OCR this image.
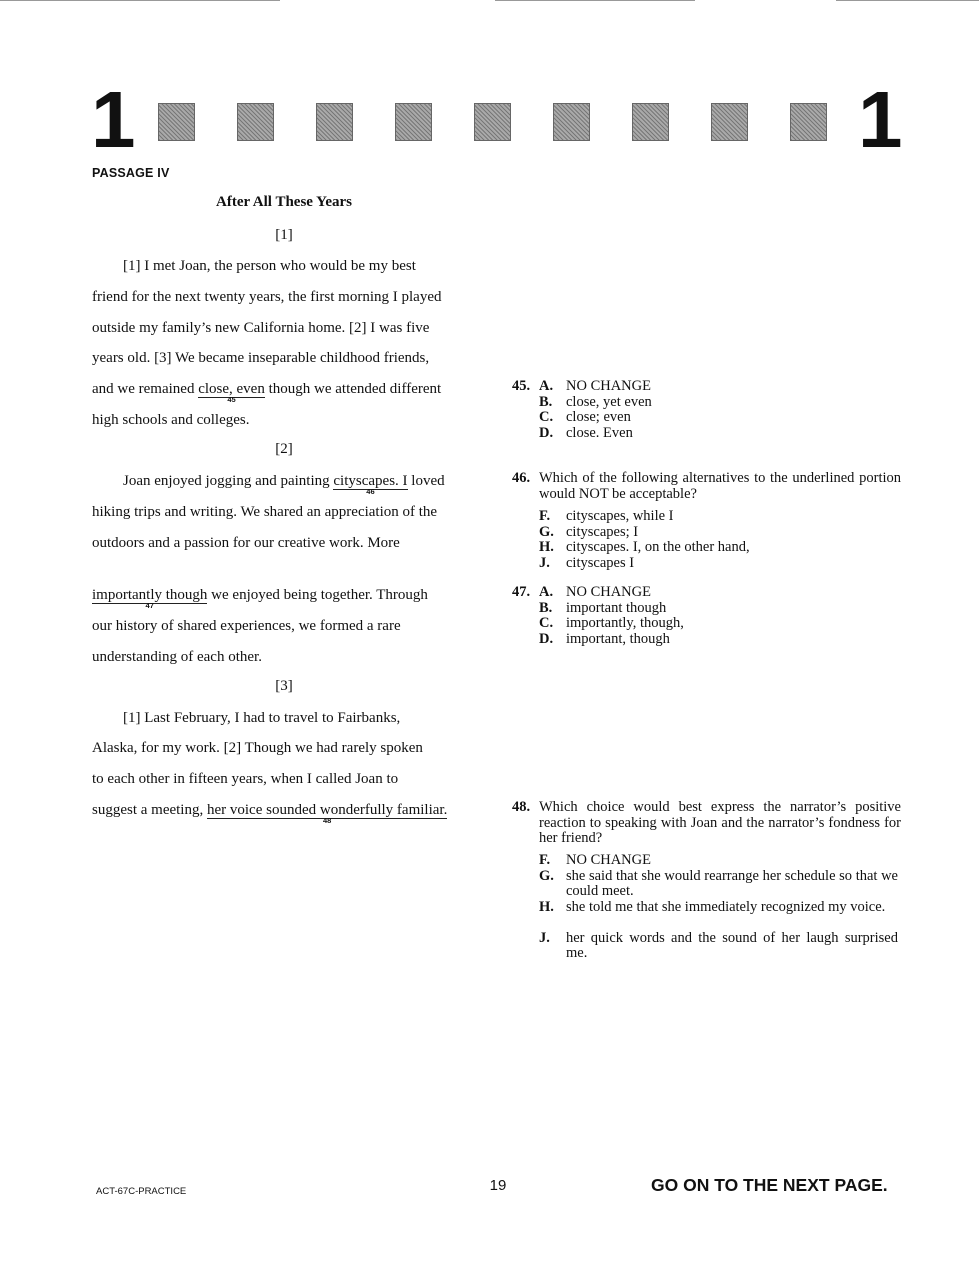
1	1
PASSAGE IV
After All These Years
[1]
[1] I met Joan, the person who would be my best
friend for the next twenty years, the first morning I played
outside my family’s new California home. [2] I was five
years old. [3] We became inseparable childhood friends,
and we remained close, even
45
though we attended different
high schools and colleges.
[2]
Joan enjoyed jogging and painting cityscapes. I
46
loved
hiking trips and writing. We shared an appreciation of the
outdoors and a passion for our creative work. More
importantly though
47
we enjoyed being together. Through
our history of shared experiences, we formed a rare
understanding of each other.
[3]
[1] Last February, I had to travel to Fairbanks,
Alaska, for my work. [2] Though we had rarely spoken
to each other in fifteen years, when I called Joan to
suggest a meeting, her voice sounded wonderfully familiar.
48
45. A. NO CHANGE
B. close, yet even
C. close; even
D. close. Even
46. Which of the following alternatives to the underlined portion would NOT be acceptable?
F. cityscapes, while I
G. cityscapes; I
H. cityscapes. I, on the other hand,
J. cityscapes I
47. A. NO CHANGE
B. important though
C. importantly, though,
D. important, though
48. Which choice would best express the narrator’s positive reaction to speaking with Joan and the narrator’s fondness for her friend?
F. NO CHANGE
G. she said that she would rearrange her schedule so that we could meet.
H. she told me that she immediately recognized my voice.
J. her quick words and the sound of her laugh surprised me.
ACT-67C-PRACTICE	19	GO ON TO THE NEXT PAGE.
